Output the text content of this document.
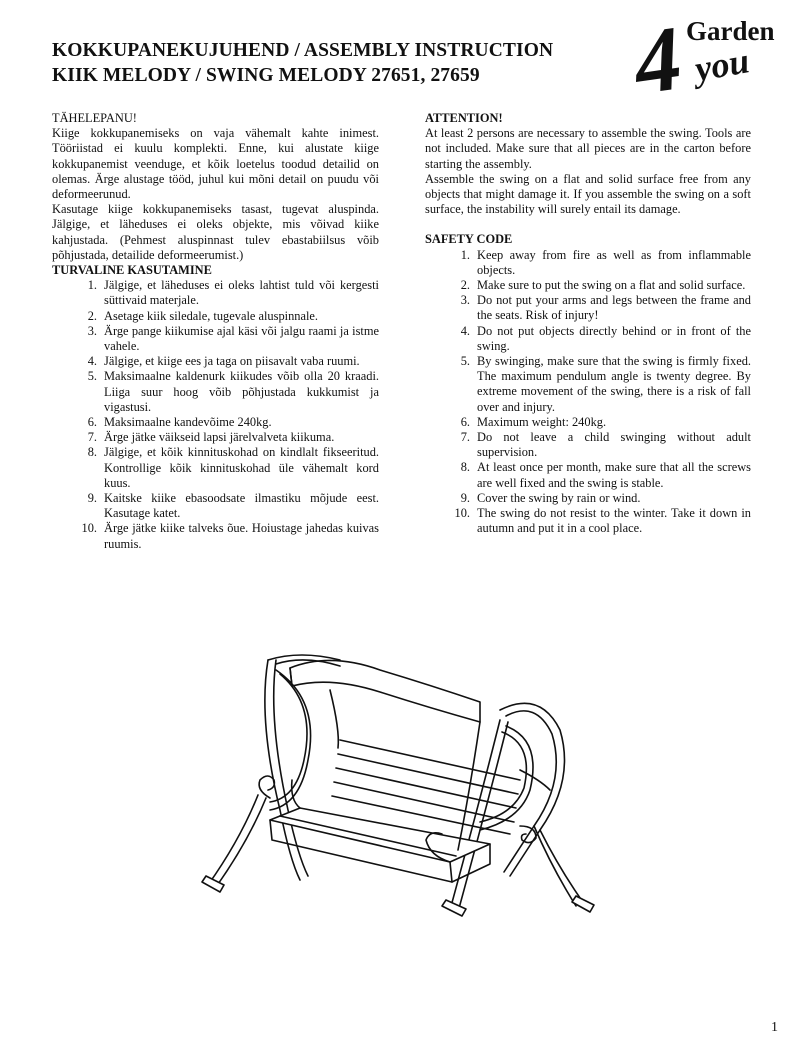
KOKKUPANEKUJUHEND / ASSEMBLY INSTRUCTION
KIIK MELODY / SWING MELODY 27651, 27659	4
Garden
you

TÄHELEPANU!

Kiige kokkupanemiseks on vaja vähemalt kahte inimest. Tööriistad ei kuulu komplekti. Enne, kui alustate kiige kokkupanemist veenduge, et kõik loetelus toodud detailid on olemas. Ärge alustage tööd, juhul kui mõni detail on puudu või deformeerunud.

Kasutage kiige kokkupanemiseks tasast, tugevat aluspinda. Jälgige, et läheduses ei oleks objekte, mis võivad kiike kahjustada. (Pehmest aluspinnast tulev ebastabiilsus võib põhjustada, detailide deformeerumist.)

TURVALINE KASUTAMINE

1. Jälgige, et läheduses ei oleks lahtist tuld või kergesti süttivaid materjale.
2. Asetage kiik siledale, tugevale aluspinnale.
3. Ärge pange kiikumise ajal käsi või jalgu raami ja istme vahele.
4. Jälgige, et kiige ees ja taga on piisavalt vaba ruumi.
5. Maksimaalne kaldenurk kiikudes võib olla 20 kraadi. Liiga suur hoog võib põhjustada kukkumist ja vigastusi.
6. Maksimaalne kandevõime 240kg.
7. Ärge jätke väikseid lapsi järelvalveta kiikuma.
8. Jälgige, et kõik kinnituskohad on kindlalt fikseeritud. Kontrollige kõik kinnituskohad üle vähemalt kord kuus.
9. Kaitske kiike ebasoodsate ilmastiku mõjude eest. Kasutage katet.
10. Ärge jätke kiike talveks õue. Hoiustage jahedas kuivas ruumis.

ATTENTION!

At least 2 persons are necessary to assemble the swing. Tools are not included. Make sure that all pieces are in the carton before starting the assembly.

Assemble the swing on a flat and solid surface free from any objects that might damage it. If you assemble the swing on a soft surface, the instability will surely entail its damage.

SAFETY CODE

1. Keep away from fire as well as from inflammable objects.
2. Make sure to put the swing on a flat and solid surface.
3. Do not put your arms and legs between the frame and the seats. Risk of injury!
4. Do not put objects directly behind or in front of the swing.
5. By swinging, make sure that the swing is firmly fixed. The maximum pendulum angle is twenty degree. By extreme movement of the swing, there is a risk of fall over and injury.
6. Maximum weight: 240kg.
7. Do not leave a child swinging without adult supervision.
8. At least once per month, make sure that all the screws are well fixed and the swing is stable.
9. Cover the swing by rain or wind.
10. The swing do not resist to the winter. Take it down in autumn and put it in a cool place.
1
